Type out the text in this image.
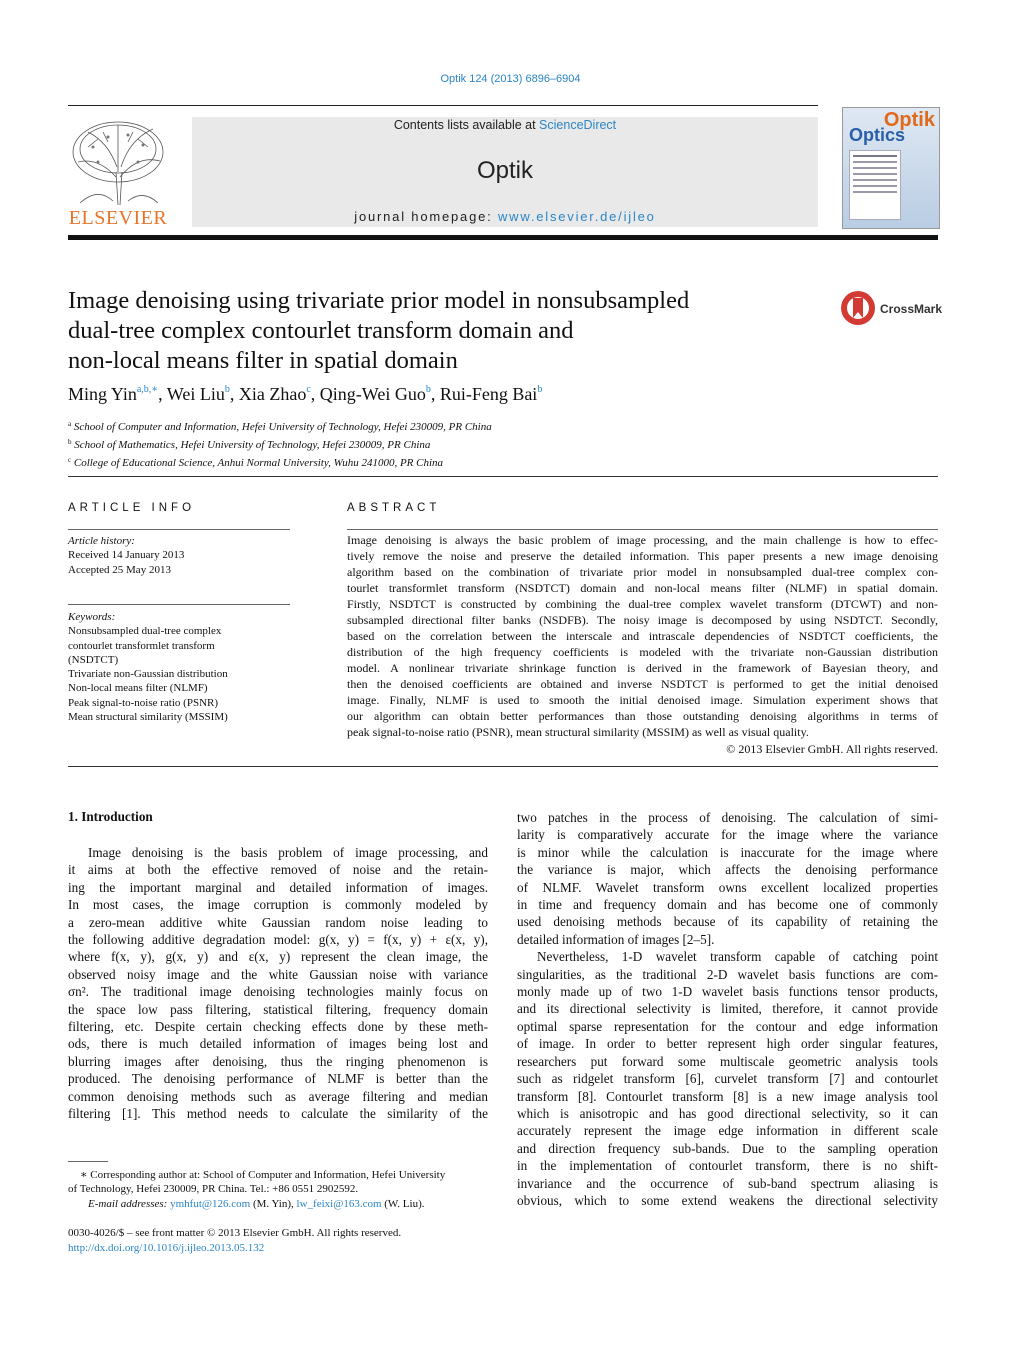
Optik 124 (2013) 6896–6904
ELSEVIER
Contents lists available at ScienceDirect
Optik
journal homepage: www.elsevier.de/ijleo
Optik
Optics
Image denoising using trivariate prior model in nonsubsampled
dual-tree complex contourlet transform domain and
non-local means filter in spatial domain
CrossMark
Ming Yin$^{a,b,∗}$, Wei Liu$^b$, Xia Zhao$^c$, Qing-Wei Guo$^b$, Rui-Feng Bai$^b$
$^a$ School of Computer and Information, Hefei University of Technology, Hefei 230009, PR China
$^b$ School of Mathematics, Hefei University of Technology, Hefei 230009, PR China
$^c$ College of Educational Science, Anhui Normal University, Wuhu 241000, PR China
ARTICLE INFO
Article history:
Received 14 January 2013
Accepted 25 May 2013
Keywords:
Nonsubsampled dual-tree complex
contourlet transformlet transform
(NSDTCT)
Trivariate non-Gaussian distribution
Non-local means filter (NLMF)
Peak signal-to-noise ratio (PSNR)
Mean structural similarity (MSSIM)
ABSTRACT
Image denoising is always the basic problem of image processing, and the main challenge is how to effec-
tively remove the noise and preserve the detailed information. This paper presents a new image denoising
algorithm based on the combination of trivariate prior model in nonsubsampled dual-tree complex con-
tourlet transformlet transform (NSDTCT) domain and non-local means filter (NLMF) in spatial domain.
Firstly, NSDTCT is constructed by combining the dual-tree complex wavelet transform (DTCWT) and non-
subsampled directional filter banks (NSDFB). The noisy image is decomposed by using NSDTCT. Secondly,
based on the correlation between the interscale and intrascale dependencies of NSDTCT coefficients, the
distribution of the high frequency coefficients is modeled with the trivariate non-Gaussian distribution
model. A nonlinear trivariate shrinkage function is derived in the framework of Bayesian theory, and
then the denoised coefficients are obtained and inverse NSDTCT is performed to get the initial denoised
image. Finally, NLMF is used to smooth the initial denoised image. Simulation experiment shows that
our algorithm can obtain better performances than those outstanding denoising algorithms in terms of
peak signal-to-noise ratio (PSNR), mean structural similarity (MSSIM) as well as visual quality.
© 2013 Elsevier GmbH. All rights reserved.
1. Introduction
Image denoising is the basis problem of image processing, and
it aims at both the effective removed of noise and the retain-
ing the important marginal and detailed information of images.
In most cases, the image corruption is commonly modeled by
a zero-mean additive white Gaussian random noise leading to
the following additive degradation model: g(x, y) = f(x, y) + ε(x, y),
where f(x, y), g(x, y) and ε(x, y) represent the clean image, the
observed noisy image and the white Gaussian noise with variance
σn². The traditional image denoising technologies mainly focus on
the space low pass filtering, statistical filtering, frequency domain
filtering, etc. Despite certain checking effects done by these meth-
ods, there is much detailed information of images being lost and
blurring images after denoising, thus the ringing phenomenon is
produced. The denoising performance of NLMF is better than the
common denoising methods such as average filtering and median
filtering [1]. This method needs to calculate the similarity of the
two patches in the process of denoising. The calculation of simi-
larity is comparatively accurate for the image where the variance
is minor while the calculation is inaccurate for the image where
the variance is major, which affects the denoising performance
of NLMF. Wavelet transform owns excellent localized properties
in time and frequency domain and has become one of commonly
used denoising methods because of its capability of retaining the
detailed information of images [2–5].
Nevertheless, 1-D wavelet transform capable of catching point
singularities, as the traditional 2-D wavelet basis functions are com-
monly made up of two 1-D wavelet basis functions tensor products,
and its directional selectivity is limited, therefore, it cannot provide
optimal sparse representation for the contour and edge information
of image. In order to better represent high order singular features,
researchers put forward some multiscale geometric analysis tools
such as ridgelet transform [6], curvelet transform [7] and contourlet
transform [8]. Contourlet transform [8] is a new image analysis tool
which is anisotropic and has good directional selectivity, so it can
accurately represent the image edge information in different scale
and direction frequency sub-bands. Due to the sampling operation
in the implementation of contourlet transform, there is no shift-
invariance and the occurrence of sub-band spectrum aliasing is
obvious, which to some extend weakens the directional selectivity
∗ Corresponding author at: School of Computer and Information, Hefei University
of Technology, Hefei 230009, PR China. Tel.: +86 0551 2902592.
E-mail addresses: ymhfut@126.com (M. Yin), lw_feixi@163.com (W. Liu).
0030-4026/$ – see front matter © 2013 Elsevier GmbH. All rights reserved.
http://dx.doi.org/10.1016/j.ijleo.2013.05.132
